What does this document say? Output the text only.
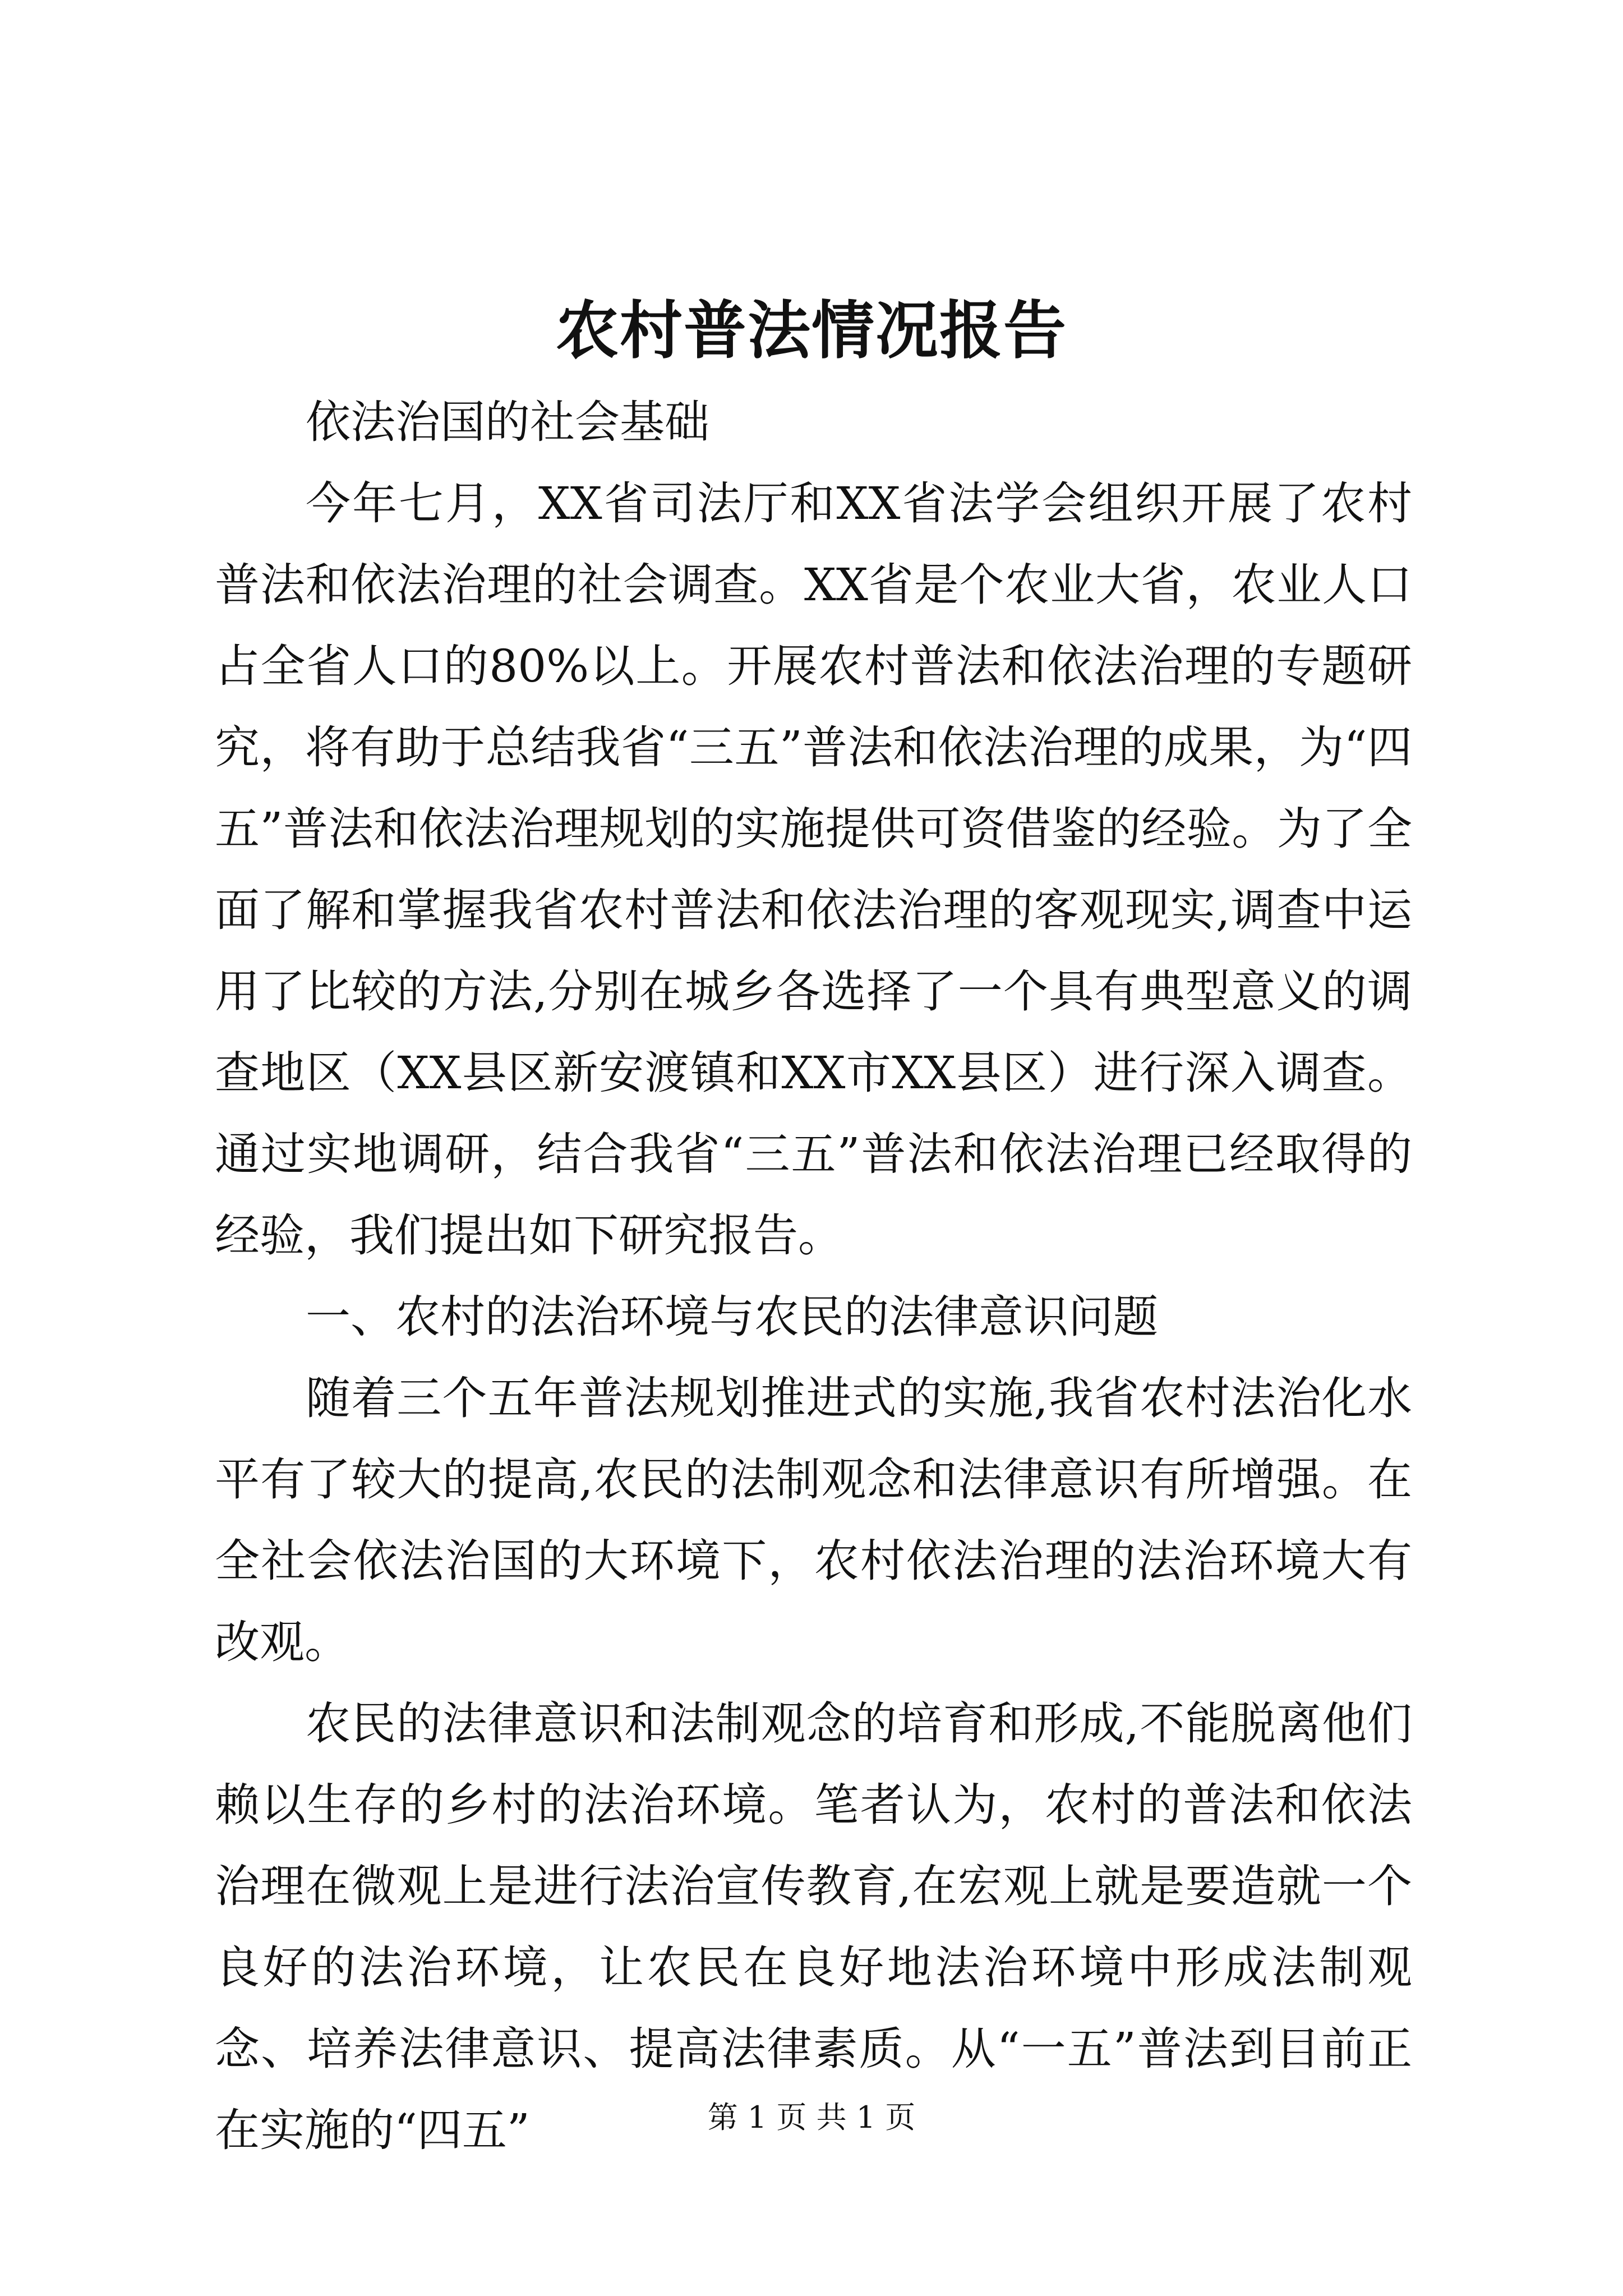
农村普法情况报告

依法治国的社会基础

今年七月，XX省司法厅和XX省法学会组织开展了农村普法和依法治理的社会调查。XX省是个农业大省，农业人口占全省人口的80%以上。开展农村普法和依法治理的专题研究，将有助于总结我省“三五”普法和依法治理的成果，为“四五”普法和依法治理规划的实施提供可资借鉴的经验。为了全面了解和掌握我省农村普法和依法治理的客观现实,调查中运用了比较的方法,分别在城乡各选择了一个具有典型意义的调查地区（XX县区新安渡镇和XX市XX县区）进行深入调查。通过实地调研，结合我省“三五”普法和依法治理已经取得的经验，我们提出如下研究报告。

一、农村的法治环境与农民的法律意识问题

随着三个五年普法规划推进式的实施,我省农村法治化水平有了较大的提高,农民的法制观念和法律意识有所增强。在全社会依法治国的大环境下，农村依法治理的法治环境大有改观。

农民的法律意识和法制观念的培育和形成,不能脱离他们赖以生存的乡村的法治环境。笔者认为，农村的普法和依法治理在微观上是进行法治宣传教育,在宏观上就是要造就一个良好的法治环境，让农民在良好地法治环境中形成法制观念、培养法律意识、提高法律素质。从“一五”普法到目前正在实施的“四五”	第 1 页 共 1 页
